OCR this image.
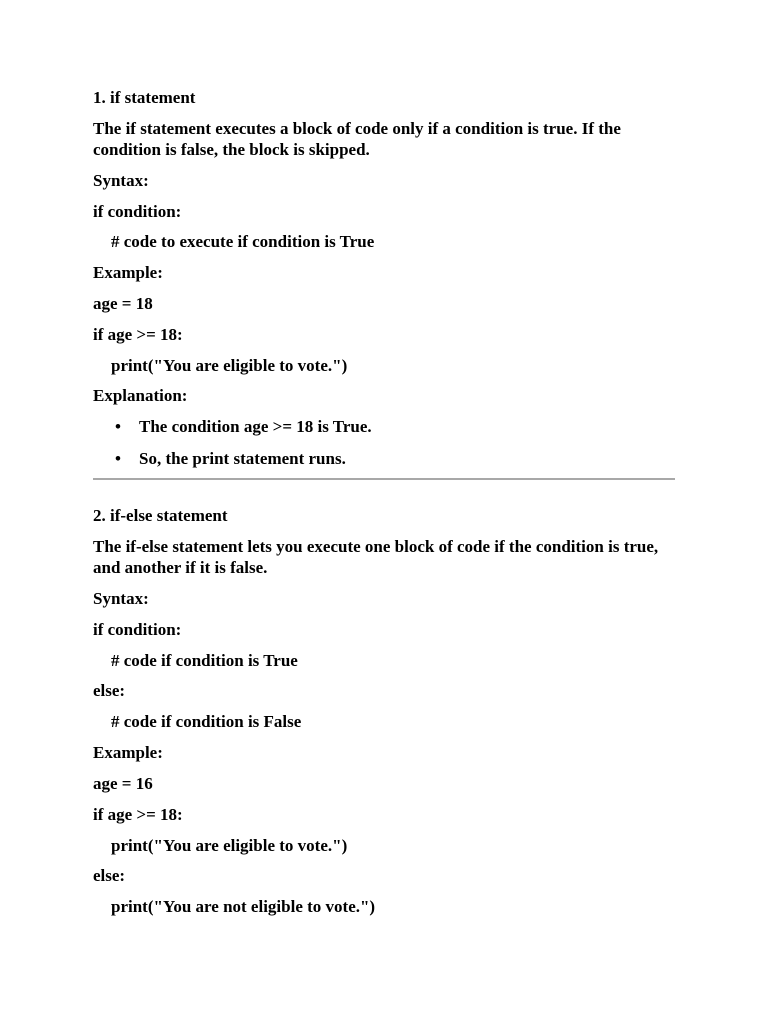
1. if statement
The if statement executes a block of code only if a condition is true. If the condition is false, the block is skipped.
Syntax:
if condition:
# code to execute if condition is True
Example:
age = 18
if age >= 18:
print("You are eligible to vote.")
Explanation:
• The condition age >= 18 is True.
• So, the print statement runs.
2. if-else statement
The if-else statement lets you execute one block of code if the condition is true, and another if it is false.
Syntax:
if condition:
# code if condition is True
else:
# code if condition is False
Example:
age = 16
if age >= 18:
print("You are eligible to vote.")
else:
print("You are not eligible to vote.")
